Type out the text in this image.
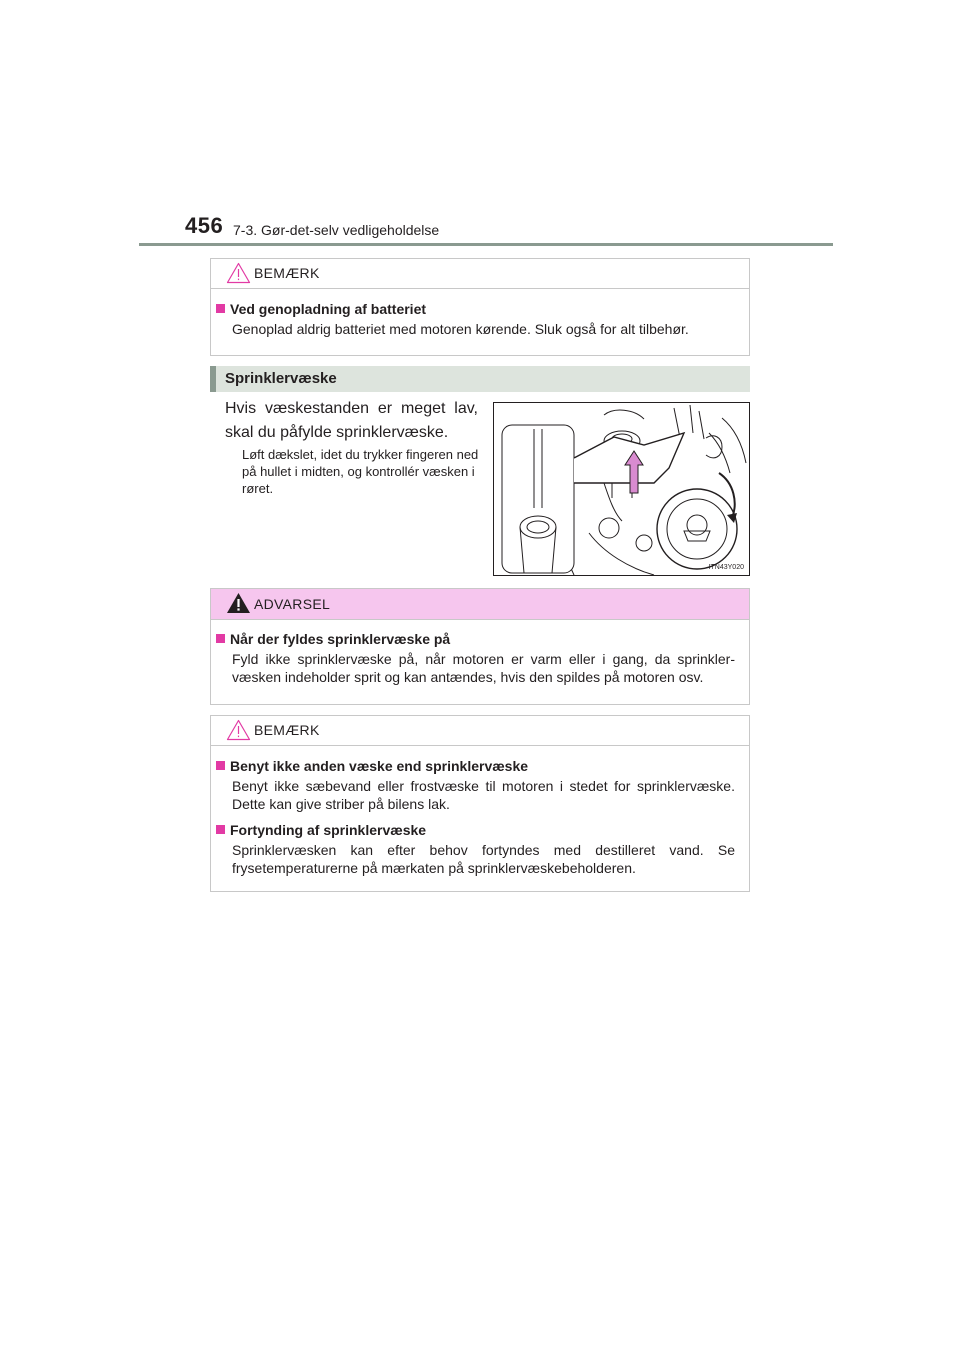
456 7-3. Gør-det-selv vedligeholdelse
BEMÆRK

Ved genopladning af batteriet

Genoplad aldrig batteriet med motoren kørende. Sluk også for alt tilbehør.

Sprinklervæske
Hvis væskestanden er meget lav, skal du påfylde sprinklervæske.
Løft dækslet, idet du trykker fingeren ned på hullet i midten, og kontrollér væsken i røret.
ITN43Y020
ADVARSEL

Når der fyldes sprinklervæske på

Fyld ikke sprinklervæske på, når motoren er varm eller i gang, da sprinkler-væsken indeholder sprit og kan antændes, hvis den spildes på motoren osv.

BEMÆRK

Benyt ikke anden væske end sprinklervæske

Benyt ikke sæbevand eller frostvæske til motoren i stedet for sprinklervæske. Dette kan give striber på bilens lak.

Fortynding af sprinklervæske

Sprinklervæsken kan efter behov fortyndes med destilleret vand. Se frysetemperaturerne på mærkaten på sprinklervæskebeholderen.
